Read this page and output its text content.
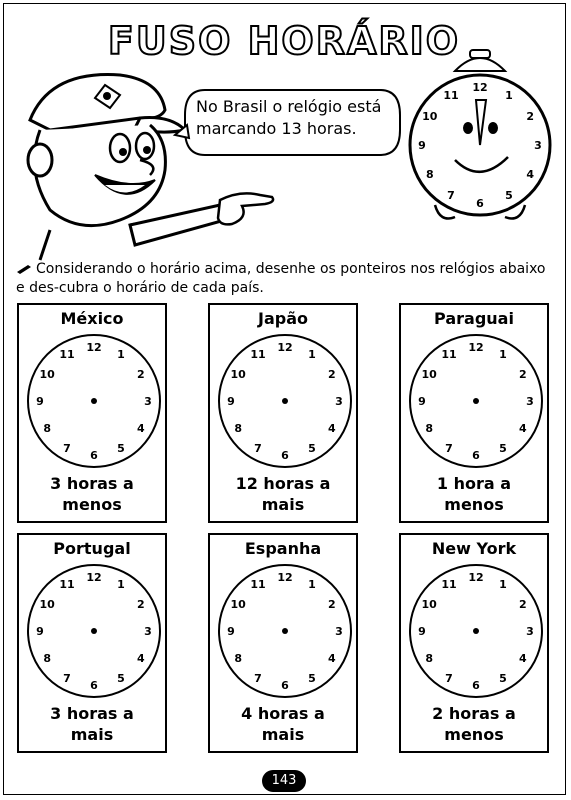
FUSO HORÁRIO
No Brasil o relógio está
marcando 13 horas.
12
1
2
3
4
5
6
7
8
9
10
11
Considerando o horário acima, desenhe os ponteiros nos relógios abaixo e des-cubra o horário de cada país.
México
12
1
2
3
4
5
6
7
8
9
10
11
3 horas a
menos
Japão
12
1
2
3
4
5
6
7
8
9
10
11
12 horas a
mais
Paraguai
12
1
2
3
4
5
6
7
8
9
10
11
1 hora a
menos
Portugal
12
1
2
3
4
5
6
7
8
9
10
11
3 horas a
mais
Espanha
12
1
2
3
4
5
6
7
8
9
10
11
4 horas a
mais
New York
12
1
2
3
4
5
6
7
8
9
10
11
2 horas a
menos
143
